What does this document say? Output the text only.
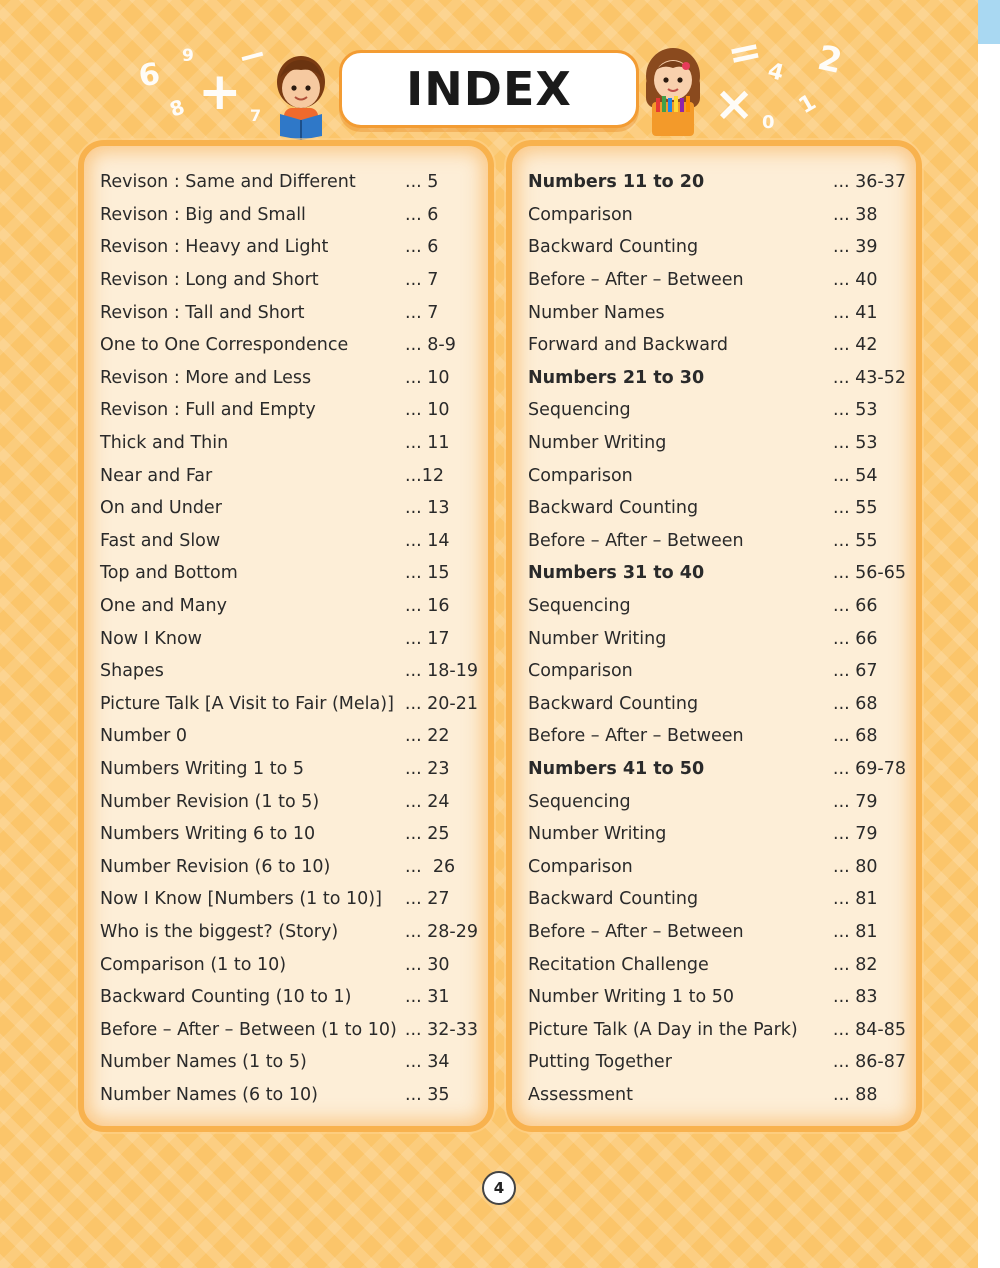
6
9
8 +
−
7
= 4 2
× 1
0
INDEX
Revison : Same and Different	... 5
Revison : Big and Small	... 6
Revison : Heavy and Light	... 6
Revison : Long and Short	... 7
Revison : Tall and Short	... 7
One to One Correspondence	... 8-9
Revison : More and Less	... 10
Revison : Full and Empty	... 10
Thick and Thin	... 11
Near and Far	...12
On and Under	... 13
Fast and Slow	... 14
Top and Bottom	... 15
One and Many	... 16
Now I Know	... 17
Shapes	... 18-19
Picture Talk [A Visit to Fair (Mela)] ... 20-21
Number 0	... 22
Numbers Writing 1 to 5	... 23
Number Revision (1 to 5)	... 24
Numbers Writing 6 to 10	... 25
Number Revision (6 to 10)	...  26
Now I Know [Numbers (1 to 10)]	... 27
Who is the biggest? (Story)	... 28-29
Comparison (1 to 10)	... 30
Backward Counting (10 to 1)	... 31
Before – After – Between (1 to 10) ... 32-33
Number Names (1 to 5)	... 34
Number Names (6 to 10)	... 35
Numbers 11 to 20	... 36-37
Comparison	... 38
Backward Counting	... 39
Before – After – Between	... 40
Number Names	... 41
Forward and Backward	... 42
Numbers 21 to 30	... 43-52
Sequencing	... 53
Number Writing	... 53
Comparison	... 54
Backward Counting	... 55
Before – After – Between	... 55
Numbers 31 to 40	... 56-65
Sequencing	... 66
Number Writing	... 66
Comparison	... 67
Backward Counting	... 68
Before – After – Between	... 68
Numbers 41 to 50	... 69-78
Sequencing	... 79
Number Writing	... 79
Comparison	... 80
Backward Counting	... 81
Before – After – Between	... 81
Recitation Challenge	... 82
Number Writing 1 to 50	... 83
Picture Talk (A Day in the Park)	... 84-85
Putting Together	... 86-87
Assessment	... 88
4
